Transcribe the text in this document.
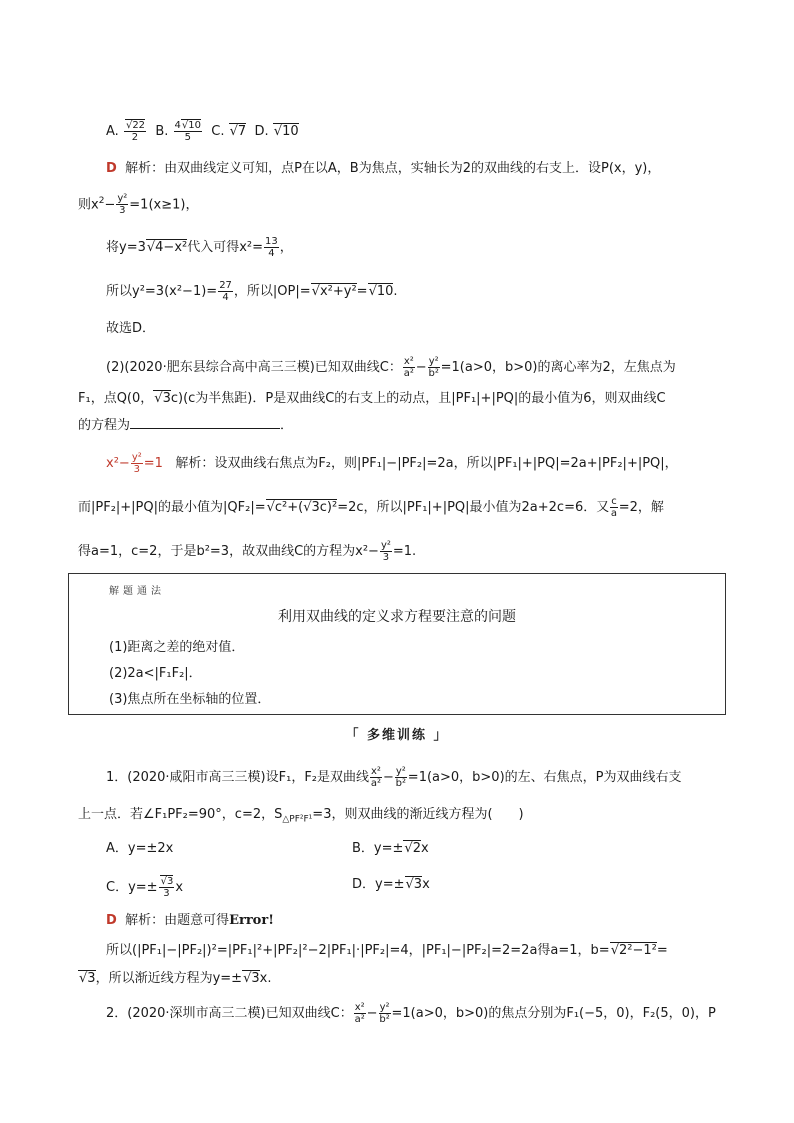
A. √ $\frac{22}{2} B$. $\frac{4 √ 10}{5} C$. √ 7 D. √ 10
D 解析：由双曲线定义可知，点P在以A，B为焦点，实轴长为2的双曲线的右支上．设P(x，y)，
则$x^2- \frac{\text{y²}}{3} =1(x\ge 1)$，
将y=3 √ 4−x²代入可得$x^2= \frac{13}{4}$ ，
所以$y^2=3(x^2-1)= \frac{27}{4}$ ，所以|OP|= √ x²+y²= √ 10.
故选D．
(2)(2020·肥东县综合高中高三三模)已知双曲线C： $\frac{\text{x²}}{\text{a²}} - \frac{\text{y²}}{\text{b²}} =1(a>0$，b>0)的离心率为2，左焦点为
F₁，点Q(0， √ 3c)(c为半焦距)．P是双曲线C的右支上的动点，且|PF₁|+|PQ|的最小值为6，则双曲线C
的方程为	．
$x^2- \frac{\text{y²}}{3} =1$ 解析：设双曲线右焦点为F₂，则|PF₁|−|PF₂|=2a，所以|PF₁|+|PQ|=2a+|PF₂|+|PQ|，
而|PF₂|+|PQ|的最小值为|QF₂|= √ c²+(√3c)²=2c，所以|PF₁|+|PQ|最小值为2a+2c=6．又 $\frac{c}{a} =2$，解
得a=1，c=2，于是b²=3，故双曲线C的方程为$x^2- \frac{\text{y²}}{3} =1$.
解题通法
利用双曲线的定义求方程要注意的问题
(1)距离之差的绝对值．
(2)2a<|F₁F₂|．
(3)焦点所在坐标轴的位置．
「 多维训练 」
1．(2020·咸阳市高三三模)设F₁，F₂是双曲线 $\frac{\text{x²}}{\text{a²}} - \frac{\text{y²}}{\text{b²}} =1(a>0$，b>0)的左、右焦点，P为双曲线右支
上一点．若∠F₁PF₂=90°，c=2，$S_{\triangle PF^2F^1}=3$，则双曲线的渐近线方程为(　　)
A．y=±2x	B．y=± √ 2x
C．y=± √ $\frac{3}{3}$ x	D．y=± √ 3x
D 解析：由题意可得Error!
所以(|PF₁|−|PF₂|)²=|PF₁|²+|PF₂|²−2|PF₁|·|PF₂|=4，|PF₁|−|PF₂|=2=2a得a=1，b= √ 2²−1²=
√ 3，所以渐近线方程为y=± √ 3x.
2．(2020·深圳市高三二模)已知双曲线C： $\frac{\text{x²}}{\text{a²}} - \frac{\text{y²}}{\text{b²}} =1(a>0$，b>0)的焦点分别为F₁(−5，0)，F₂(5，0)，P
